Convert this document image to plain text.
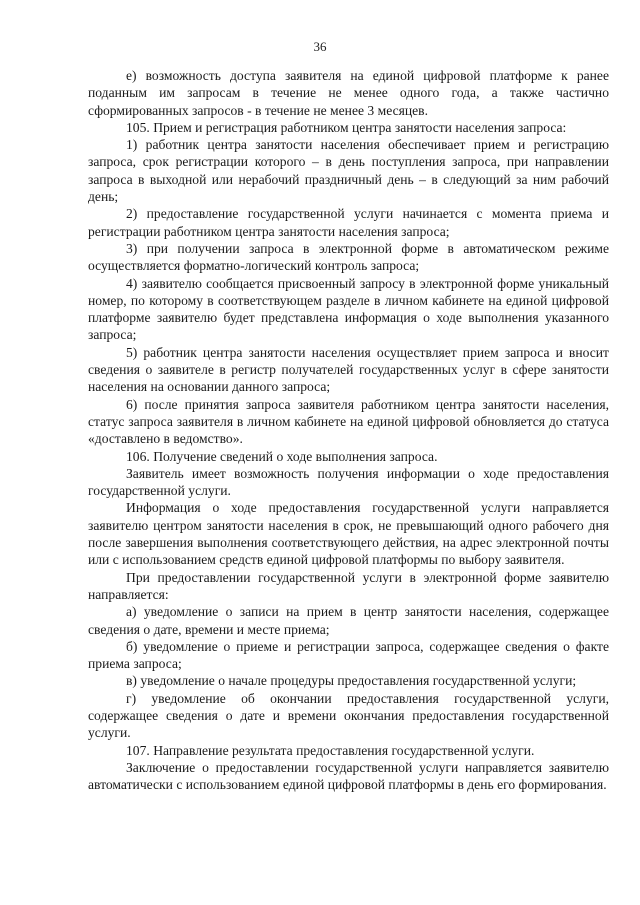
36

е) возможность доступа заявителя на единой цифровой платформе к ранее поданным им запросам в течение не менее одного года, а также частично сформированных запросов - в течение не менее 3 месяцев.

105. Прием и регистрация работником центра занятости населения запроса:

1) работник центра занятости населения обеспечивает прием и регистрацию запроса, срок регистрации которого – в день поступления запроса, при направлении запроса в выходной или нерабочий праздничный день – в следующий за ним рабочий день;

2) предоставление государственной услуги начинается с момента приема и регистрации работником центра занятости населения запроса;

3) при получении запроса в электронной форме в автоматическом режиме осуществляется форматно-логический контроль запроса;

4) заявителю сообщается присвоенный запросу в электронной форме уникальный номер, по которому в соответствующем разделе в личном кабинете на единой цифровой платформе заявителю будет представлена информация о ходе выполнения указанного запроса;

5) работник центра занятости населения осуществляет прием запроса и вносит сведения о заявителе в регистр получателей государственных услуг в сфере занятости населения на основании данного запроса;

6) после принятия запроса заявителя работником центра занятости населения, статус запроса заявителя в личном кабинете на единой цифровой обновляется до статуса «доставлено в ведомство».

106. Получение сведений о ходе выполнения запроса.

Заявитель имеет возможность получения информации о ходе предоставления государственной услуги.

Информация о ходе предоставления государственной услуги направляется заявителю центром занятости населения в срок, не превышающий одного рабочего дня после завершения выполнения соответствующего действия, на адрес электронной почты или с использованием средств единой цифровой платформы по выбору заявителя.

При предоставлении государственной услуги в электронной форме заявителю направляется:

а) уведомление о записи на прием в центр занятости населения, содержащее сведения о дате, времени и месте приема;

б) уведомление о приеме и регистрации запроса, содержащее сведения о факте приема запроса;

в) уведомление о начале процедуры предоставления государственной услуги;

г) уведомление об окончании предоставления государственной услуги, содержащее сведения о дате и времени окончания предоставления государственной услуги.

107. Направление результата предоставления государственной услуги.

Заключение о предоставлении государственной услуги направляется заявителю автоматически с использованием единой цифровой платформы в день его формирования.
